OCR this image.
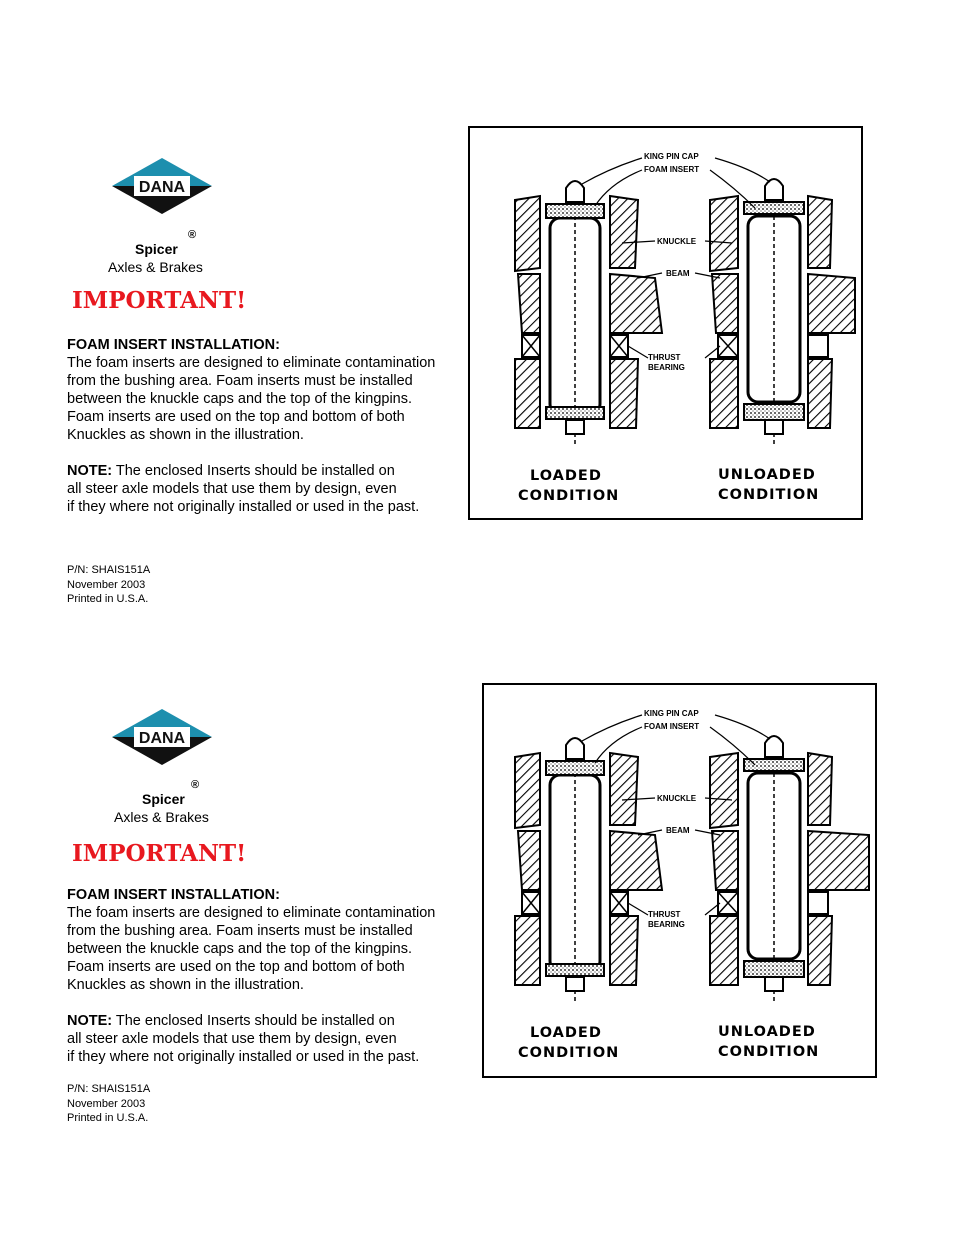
DANA
Spicer
®
Axles & Brakes
IMPORTANT!
FOAM INSERT INSTALLATION:

The foam inserts are designed to eliminate contamination

from the bushing area. Foam inserts must be installed

between the knuckle caps and the top of the kingpins.

Foam inserts are used on the top and bottom of both

Knuckles as shown in the illustration.

NOTE: The enclosed Inserts should be installed on

all steer axle models that use them by design, even

if they where not originally installed or used in the past.

P/N: SHAIS151A
November 2003
Printed in U.S.A.
KING PIN CAP
FOAM INSERT
KNUCKLE
BEAM
THRUST
BEARING
LOADED
CONDITION
UNLOADED
CONDITION
DANA
Spicer
®
Axles & Brakes
IMPORTANT!
FOAM INSERT INSTALLATION:

The foam inserts are designed to eliminate contamination

from the bushing area. Foam inserts must be installed

between the knuckle caps and the top of the kingpins.

Foam inserts are used on the top and bottom of both

Knuckles as shown in the illustration.

NOTE: The enclosed Inserts should be installed on

all steer axle models that use them by design, even

if they where not originally installed or used in the past.

P/N: SHAIS151A
November 2003
Printed in U.S.A.
KING PIN CAP
FOAM INSERT
KNUCKLE
BEAM
THRUST
BEARING
LOADED
CONDITION
UNLOADED
CONDITION
